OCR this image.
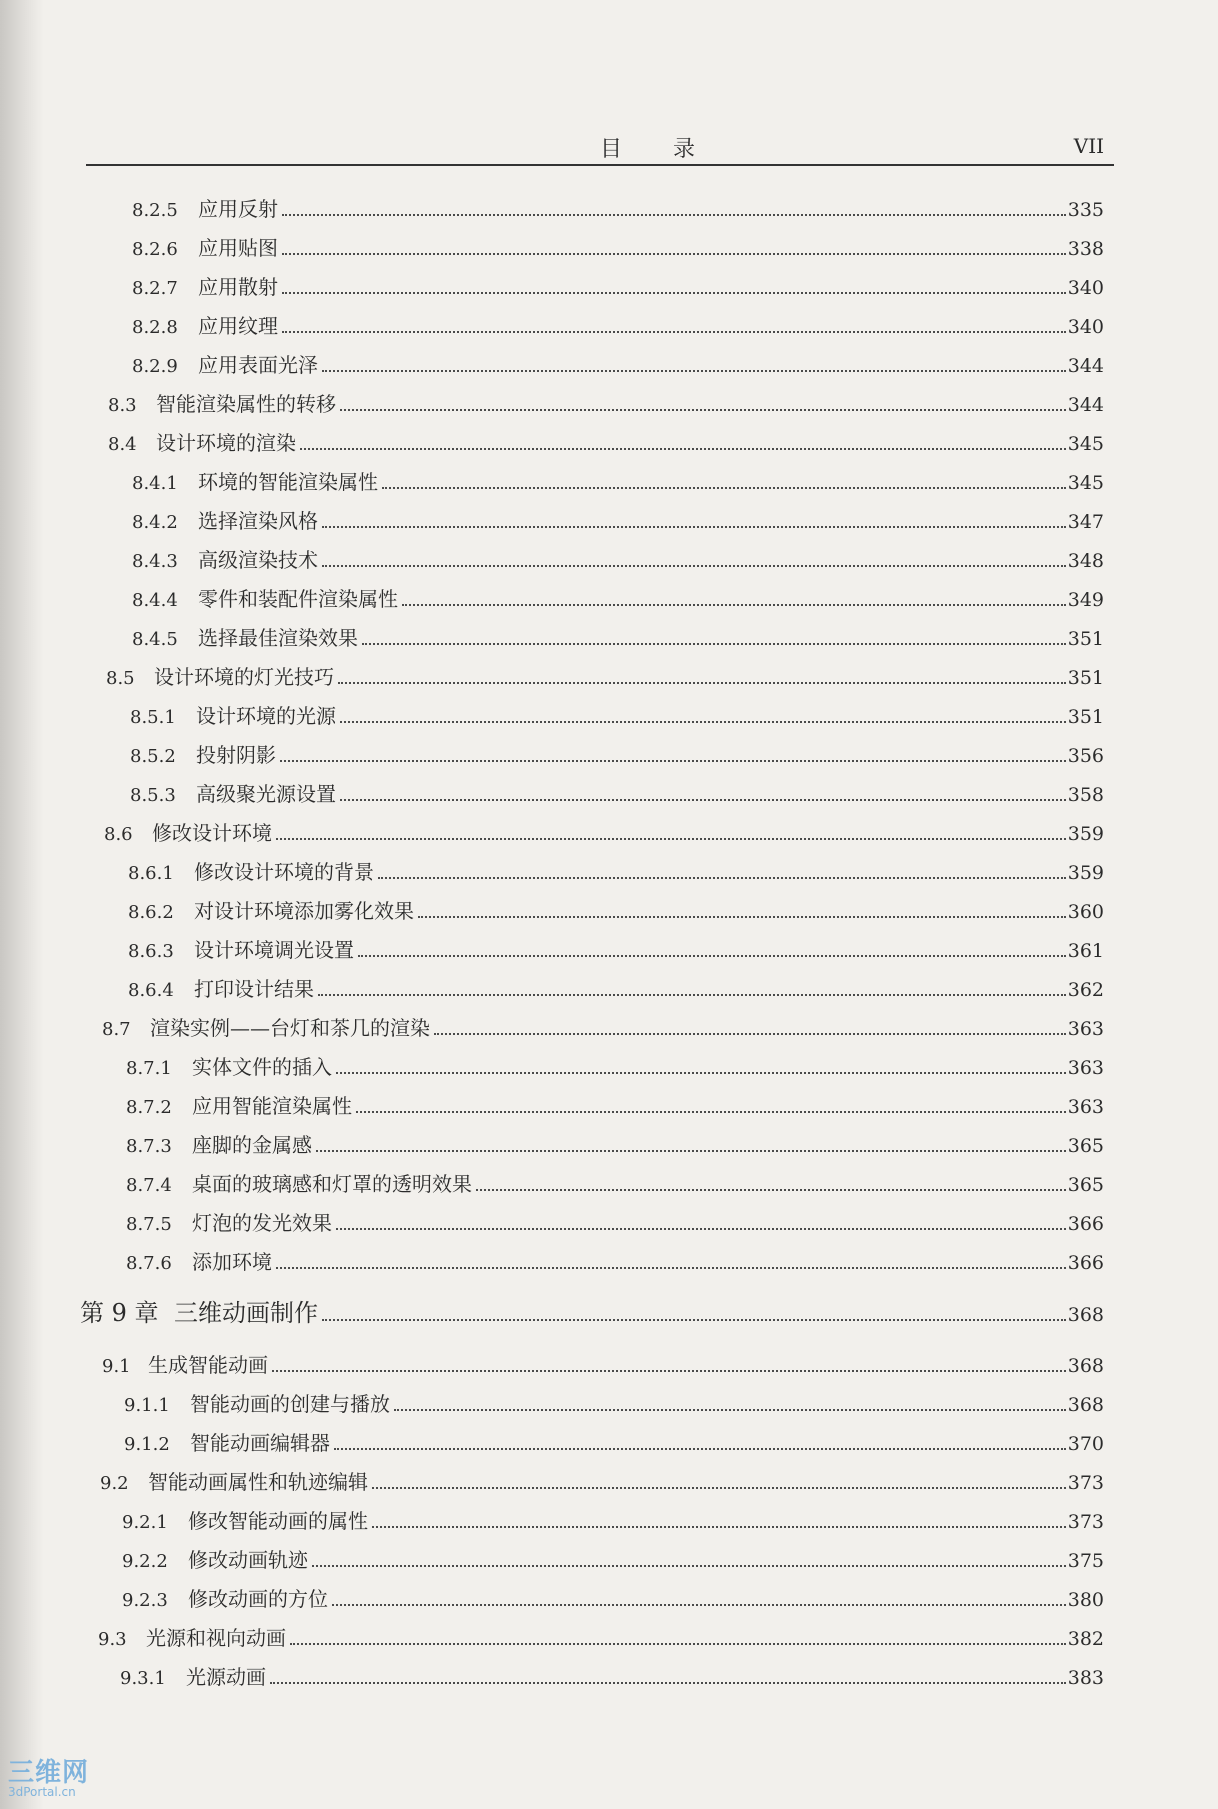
目 录	VII
8.2.5	应用反射	335
8.2.6	应用贴图	338
8.2.7	应用散射	340
8.2.8	应用纹理	340
8.2.9	应用表面光泽	344
8.3 智能渲染属性的转移	344
8.4 设计环境的渲染	345
8.4.1	环境的智能渲染属性	345
8.4.2	选择渲染风格	347
8.4.3	高级渲染技术	348
8.4.4	零件和装配件渲染属性	349
8.4.5	选择最佳渲染效果	351
8.5 设计环境的灯光技巧	351
8.5.1	设计环境的光源	351
8.5.2	投射阴影	356
8.5.3	高级聚光源设置	358
8.6 修改设计环境	359
8.6.1	修改设计环境的背景	359
8.6.2	对设计环境添加雾化效果	360
8.6.3	设计环境调光设置	361
8.6.4	打印设计结果	362
8.7 渲染实例——台灯和茶几的渲染	363
8.7.1	实体文件的插入	363
8.7.2	应用智能渲染属性	363
8.7.3	座脚的金属感	365
8.7.4	桌面的玻璃感和灯罩的透明效果	365
8.7.5	灯泡的发光效果	366
8.7.6	添加环境	366
第 9 章 三维动画制作	368
9.1 生成智能动画	368
9.1.1	智能动画的创建与播放	368
9.1.2	智能动画编辑器	370
9.2 智能动画属性和轨迹编辑	373
9.2.1	修改智能动画的属性	373
9.2.2	修改动画轨迹	375
9.2.3	修改动画的方位	380
9.3 光源和视向动画	382
9.3.1	光源动画	383
三维网
3dPortal.cn
